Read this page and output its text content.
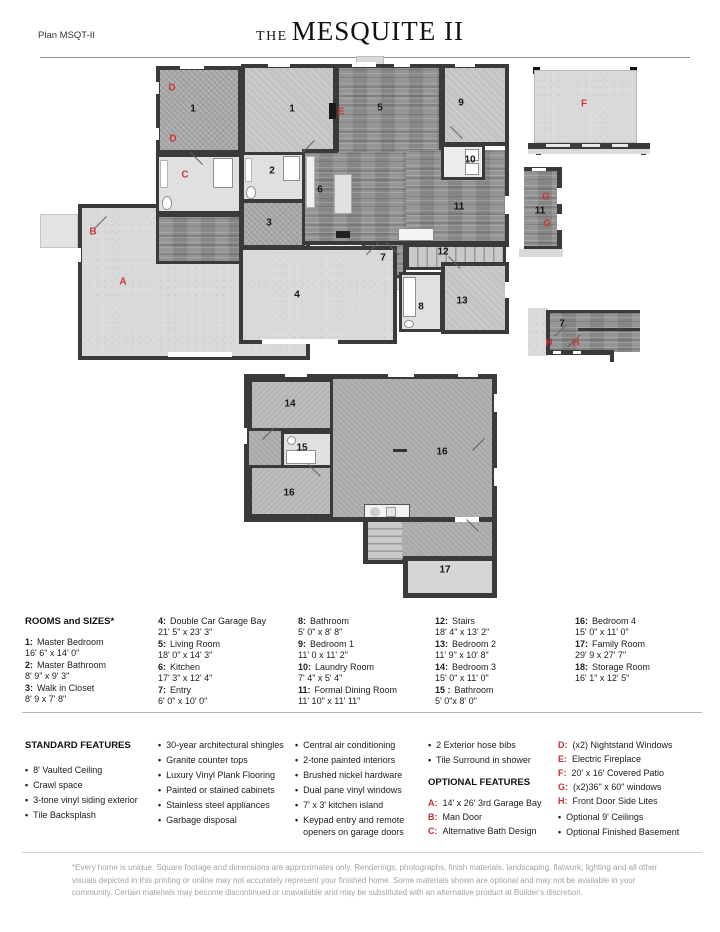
Plan MSQT-II	THE MESQUITE II
D
1
D
C
B
A
1	E	5	9
10
2
6
11
3
7
12
4
8
13
F
G
11
G
7
H H
14
15
16
16
17
ROOMS and SIZES*
1: Master Bedroom
16' 6" x 14' 0"
2: Master Bathroom
8' 9" x 9' 3"
3: Walk in Closet
8' 9 x 7' 8"
4: Double Car Garage Bay
21' 5" x 23' 3"
5: Living Room
18' 0" x 14' 3"
6: Kitchen
17' 3" x 12' 4"
7: Entry
6' 0" x 10' 0"
8: Bathroom
5' 0" x 8' 8"
9: Bedroom 1
11' 0 x 11' 2"
10: Laundry Room
7' 4" x 5' 4"
11: Formal Dining Room
11' 10" x 11' 11"
12: Stairs
18' 4" x 13' 2"
13: Bedroom 2
11' 9" x 10' 8"
14: Bedroom 3
15' 0" x 11' 0"
15 : Bathroom
5' 0"x 8' 0"
16: Bedroom 4
15' 0" x 11' 0"
17: Family Room
29' 9 x 27' 7"
18: Storage Room
16' 1" x 12' 5"
STANDARD FEATURES
• 8' Vaulted Ceiling
• Crawl space
• 3-tone vinyl siding exterior
• Tile Backsplash
• 30-year architectural shingles
• Granite counter tops
• Luxury Vinyl Plank Flooring
• Painted or stained cabinets
• Stainless steel appliances
• Garbage disposal
• Central air conditioning
• 2-tone painted interiors
• Brushed nickel hardware
• Dual pane vinyl windows
• 7' x 3' kitchen island
• Keypad entry and remote openers on garage doors
• 2 Exterior hose bibs
• Tile Surround in shower
OPTIONAL FEATURES
A: 14' x 26' 3rd Garage Bay
B: Man Door
C: Alternative Bath Design
D: (x2) Nightstand Windows
E: Electric Fireplace
F: 20' x 16' Covered Patio
G: (x2)36" x 60" windows
H: Front Door Side Lites
• Optional 9' Ceilings
• Optional Finished Basement
*Every home is unique. Square footage and dimensions are approximates only. Renderings, photographs, finish materials, landscaping, flatwork, lighting and all other visuals depicted in this printing or online may not accurately represent your finished home. Some materials shown are optional and may not be available in your community. Certain materials may become discontinued or unavailable and may be substituted with an alternative product at Builder's discretion.
